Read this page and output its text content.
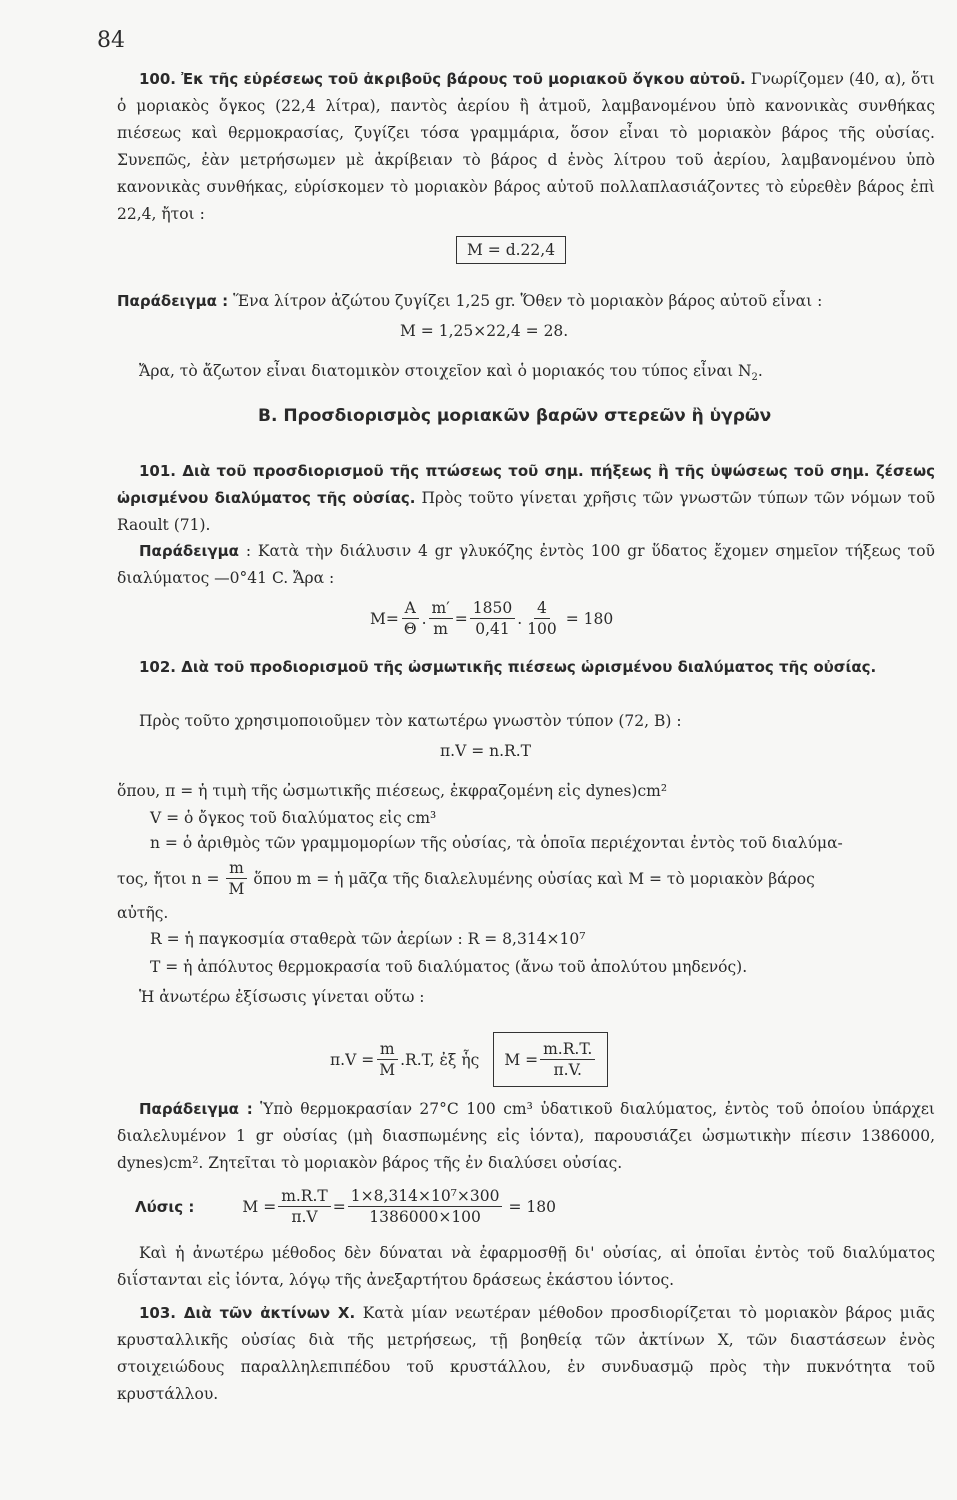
84

100. Ἐκ τῆς εὑρέσεως τοῦ ἀκριβοῦς βάρους τοῦ μοριακοῦ ὄγκου αὐτοῦ. Γνωρίζομεν (40, α), ὅτι ὁ μοριακὸς ὄγκος (22,4 λίτρα), παντὸς ἀερίου ἢ ἀτμοῦ, λαμβανομένου ὑπὸ κανονικὰς συνθήκας πιέσεως καὶ θερμοκρασίας, ζυγίζει τόσα γραμμάρια, ὅσον εἶναι τὸ μοριακὸν βάρος τῆς οὐσίας. Συνεπῶς, ἐὰν μετρήσωμεν μὲ ἀκρίβειαν τὸ βάρος d ἑνὸς λίτρου τοῦ ἀερίου, λαμβανομένου ὑπὸ κανονικὰς συνθήκας, εὑρίσκομεν τὸ μοριακὸν βάρος αὐτοῦ πολλαπλασιάζοντες τὸ εὑρεθὲν βάρος ἐπὶ 22,4, ἤτοι :

M = d.22,4

Παράδειγμα : Ἕνα λίτρον ἀζώτου ζυγίζει 1,25 gr. Ὅθεν τὸ μοριακὸν βάρος αὐτοῦ εἶναι :

M = 1,25×22,4 = 28.

Ἄρα, τὸ ἄζωτον εἶναι διατομικὸν στοιχεῖον καὶ ὁ μοριακός του τύπος εἶναι $N_2$.

B. Προσδιορισμὸς μοριακῶν βαρῶν στερεῶν ἢ ὑγρῶν

101. Διὰ τοῦ προσδιορισμοῦ τῆς πτώσεως τοῦ σημ. πήξεως ἢ τῆς ὑψώσεως τοῦ σημ. ζέσεως ὡρισμένου διαλύματος τῆς οὐσίας. Πρὸς τοῦτο γίνεται χρῆσις τῶν γνωστῶν τύπων τῶν νόμων τοῦ Raoult (71).

Παράδειγμα : Κατὰ τὴν διάλυσιν 4 gr γλυκόζης ἐντὸς 100 gr ὕδατος ἔχομεν σημεῖον τήξεως τοῦ διαλύματος —0°41 C. Ἄρα :

$M= \frac{A}{\Theta}$ . $\frac{m'}{m} = \frac{1850}{0,41}$ . $\frac{4}{100} = 180$

102. Διὰ τοῦ προδιορισμοῦ τῆς ὠσμωτικῆς πιέσεως ὡρισμένου διαλύματος τῆς οὐσίας.

Πρὸς τοῦτο χρησιμοποιοῦμεν τὸν κατωτέρω γνωστὸν τύπον (72, B) :

π.V = n.R.T

ὅπου, π = ἡ τιμὴ τῆς ὠσμωτικῆς πιέσεως, ἐκφραζομένη εἰς dynes)cm²

V = ὁ ὄγκος τοῦ διαλύματος εἰς cm³

n = ὁ ἀριθμὸς τῶν γραμμομορίων τῆς οὐσίας, τὰ ὁποῖα περιέχονται ἐντὸς τοῦ διαλύμα-

τος, ἤτοι $n = \frac{m}{M}$ ὅπου m = ἡ μᾶζα τῆς διαλελυμένης οὐσίας καὶ M = τὸ μοριακὸν βάρος

αὐτῆς.

R = ἡ παγκοσμία σταθερὰ τῶν ἀερίων : R = 8,314×10⁷

T = ἡ ἀπόλυτος θερμοκρασία τοῦ διαλύματος (ἄνω τοῦ ἀπολύτου μηδενός).

Ἡ ἀνωτέρω ἐξίσωσις γίνεται οὕτω :

$\pi.V = \frac{m}{M} .R.T$, ἐξ ἧς $M = \frac{m.R.T.}{\pi.V.}$

Παράδειγμα : Ὑπὸ θερμοκρασίαν 27°C 100 cm³ ὑδατικοῦ διαλύματος, ἐντὸς τοῦ ὁποίου ὑπάρχει διαλελυμένον 1 gr οὐσίας (μὴ διασπωμένης εἰς ἰόντα), παρουσιάζει ὠσμωτικὴν πίεσιν 1386000, dynes)cm². Ζητεῖται τὸ μοριακὸν βάρος τῆς ἐν διαλύσει οὐσίας.

Λύσις :	$M = \frac{m.R.T}{\pi.V} = \frac{\text{1×8,314×10⁷×300}}{1386000\times 100} = 180$

Καὶ ἡ ἀνωτέρω μέθοδος δὲν δύναται νὰ ἐφαρμοσθῇ δι' οὐσίας, αἱ ὁποῖαι ἐντὸς τοῦ διαλύματος διΐστανται εἰς ἰόντα, λόγῳ τῆς ἀνεξαρτήτου δράσεως ἑκάστου ἰόντος.

103. Διὰ τῶν ἀκτίνων X. Κατὰ μίαν νεωτέραν μέθοδον προσδιορίζεται τὸ μοριακὸν βάρος μιᾶς κρυσταλλικῆς οὐσίας διὰ τῆς μετρήσεως, τῇ βοηθείᾳ τῶν ἀκτίνων X, τῶν διαστάσεων ἑνὸς στοιχειώδους παραλληλεπιπέδου τοῦ κρυστάλλου, ἐν συνδυασμῷ πρὸς τὴν πυκνότητα τοῦ κρυστάλλου.
